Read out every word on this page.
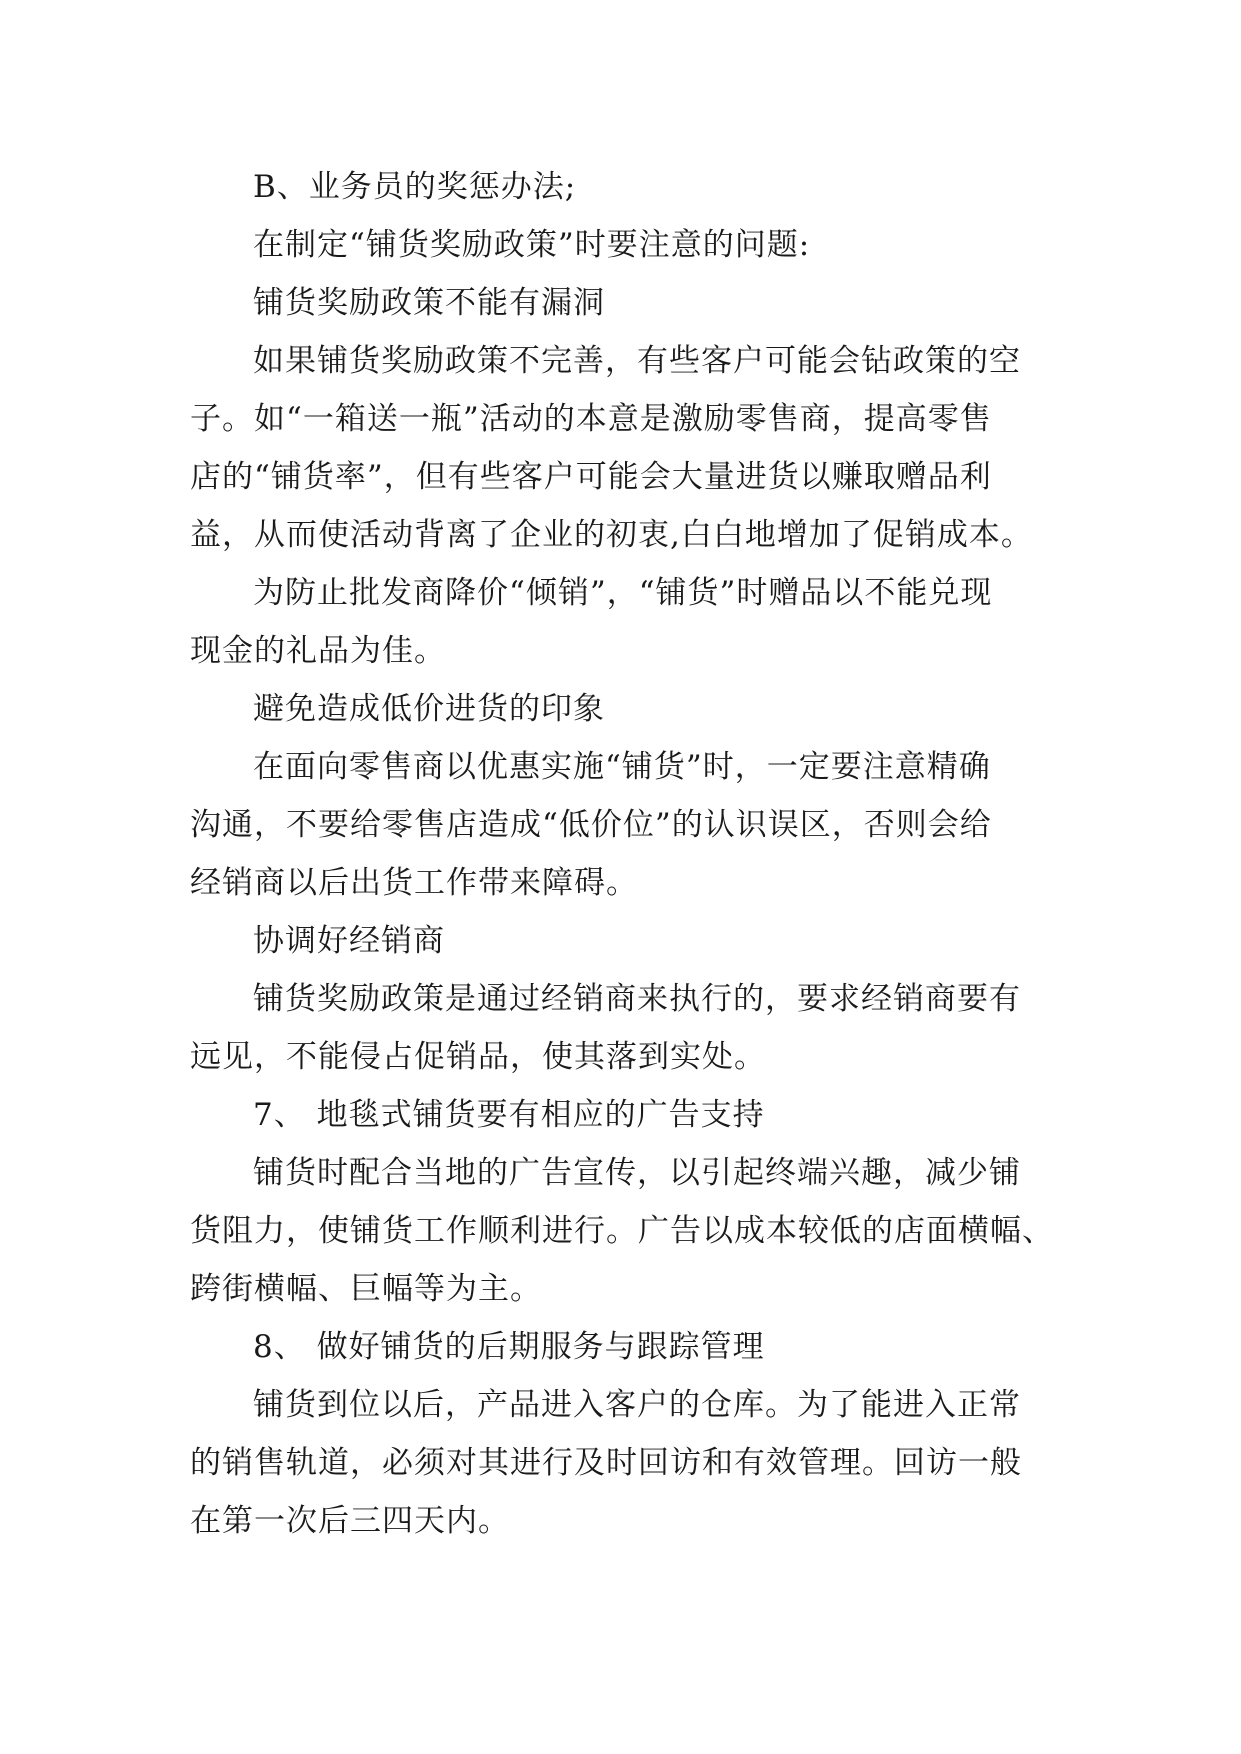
B、业务员的奖惩办法;
在制定“铺货奖励政策”时要注意的问题:
铺货奖励政策不能有漏洞
如果铺货奖励政策不完善，有些客户可能会钻政策的空
子。如“一箱送一瓶”活动的本意是激励零售商，提高零售
店的“铺货率”，但有些客户可能会大量进货以赚取赠品利
益，从而使活动背离了企业的初衷,白白地增加了促销成本。
为防止批发商降价“倾销”，“铺货”时赠品以不能兑现
现金的礼品为佳。
避免造成低价进货的印象
在面向零售商以优惠实施“铺货”时，一定要注意精确
沟通，不要给零售店造成“低价位”的认识误区，否则会给
经销商以后出货工作带来障碍。
协调好经销商
铺货奖励政策是通过经销商来执行的，要求经销商要有
远见，不能侵占促销品，使其落到实处。
7、 地毯式铺货要有相应的广告支持
铺货时配合当地的广告宣传，以引起终端兴趣，减少铺
货阻力，使铺货工作顺利进行。广告以成本较低的店面横幅、
跨街横幅、巨幅等为主。
8、 做好铺货的后期服务与跟踪管理
铺货到位以后，产品进入客户的仓库。为了能进入正常
的销售轨道，必须对其进行及时回访和有效管理。回访一般
在第一次后三四天内。
